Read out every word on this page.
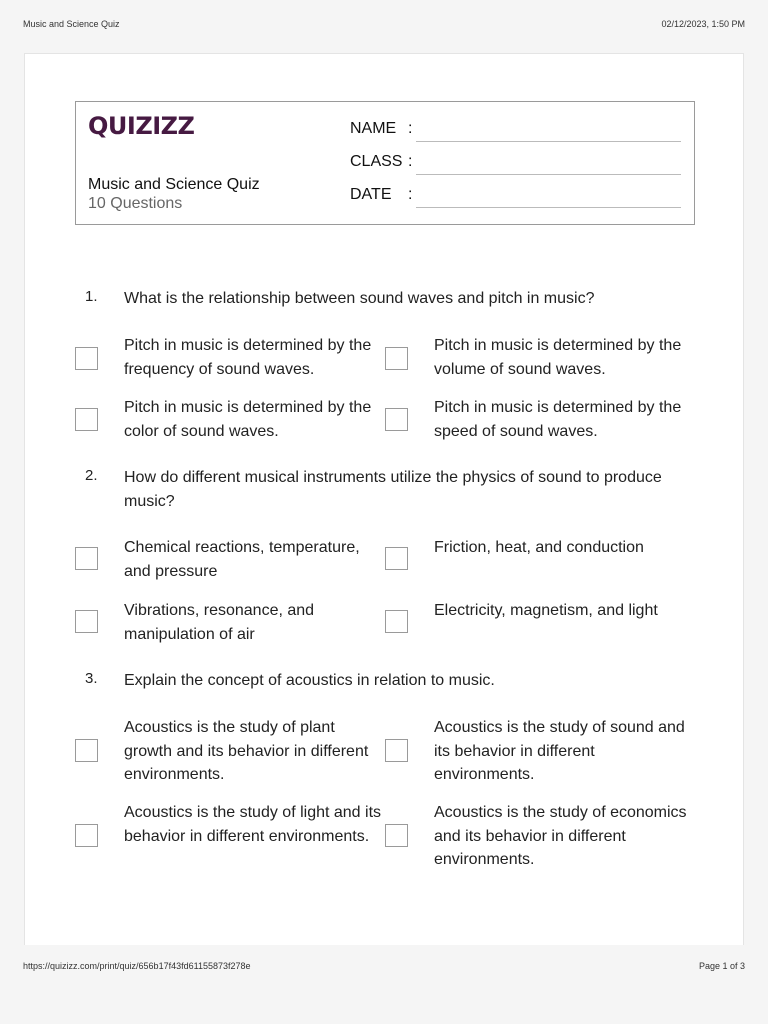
Music and Science Quiz	02/12/2023, 1:50 PM
QUIZIZZ
Music and Science Quiz
10 Questions
NAME :
CLASS :
DATE :
1. What is the relationship between sound waves and pitch in music?
Pitch in music is determined by the frequency of sound waves.
Pitch in music is determined by the volume of sound waves.
Pitch in music is determined by the color of sound waves.
Pitch in music is determined by the speed of sound waves.
2. How do different musical instruments utilize the physics of sound to produce music?
Chemical reactions, temperature, and pressure
Friction, heat, and conduction
Vibrations, resonance, and manipulation of air
Electricity, magnetism, and light
3. Explain the concept of acoustics in relation to music.
Acoustics is the study of plant growth and its behavior in different environments.
Acoustics is the study of sound and its behavior in different environments.
Acoustics is the study of light and its behavior in different environments.
Acoustics is the study of economics and its behavior in different environments.
https://quizizz.com/print/quiz/656b17f43fd61155873f278e	Page 1 of 3
